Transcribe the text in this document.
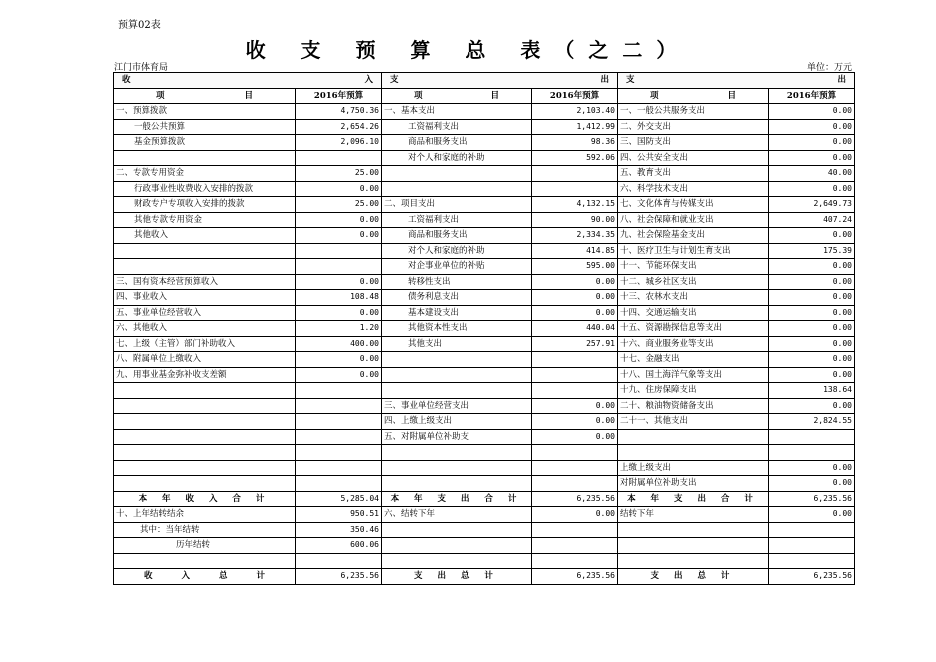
预算02表
收 支 预 算 总 表（之二）
江门市体育局	单位：万元
收 入		支 出		支 出	

项 目	2016年预算	项 目	2016年预算	项 目	2016年预算
一、预算拨款	4,750.36	一、基本支出	2,103.40	一、一般公共服务支出	0.00
一般公共预算	2,654.26	工资福利支出	1,412.99	二、外交支出	0.00
基金预算拨款	2,096.10	商品和服务支出	98.36	三、国防支出	0.00
		对个人和家庭的补助	592.06	四、公共安全支出	0.00
二、专款专用资金	25.00			五、教育支出	40.00
行政事业性收费收入安排的拨款	0.00			六、科学技术支出	0.00
财政专户专项收入安排的拨款	25.00	二、项目支出	4,132.15	七、文化体育与传媒支出	2,649.73
其他专款专用资金	0.00	工资福利支出	90.00	八、社会保障和就业支出	407.24
其他收入	0.00	商品和服务支出	2,334.35	九、社会保险基金支出	0.00
		对个人和家庭的补助	414.85	十、医疗卫生与计划生育支出	175.39
		对企事业单位的补贴	595.00	十一、节能环保支出	0.00
三、国有资本经营预算收入	0.00	转移性支出	0.00	十二、城乡社区支出	0.00
四、事业收入	108.48	债务利息支出	0.00	十三、农林水支出	0.00
五、事业单位经营收入	0.00	基本建设支出	0.00	十四、交通运输支出	0.00
六、其他收入	1.20	其他资本性支出	440.04	十五、资源勘探信息等支出	0.00
七、上级（主管）部门补助收入	400.00	其他支出	257.91	十六、商业服务业等支出	0.00
八、附属单位上缴收入	0.00			十七、金融支出	0.00
九、用事业基金弥补收支差额	0.00			十八、国土海洋气象等支出	0.00
				十九、住房保障支出	138.64
		三、事业单位经营支出	0.00	二十、粮油物资储备支出	0.00
		四、上缴上级支出	0.00	二十一、其他支出	2,824.55
		五、对附属单位补助支	0.00		

				上缴上级支出	0.00
				对附属单位补助支出	0.00
本 年 收 入 合 计	5,285.04	本 年 支 出 合 计	6,235.56	本 年 支 出 合 计	6,235.56
十、上年结转结余	950.51	六、结转下年	0.00	结转下年	0.00
其中：当年结转	350.46				
历年结转	600.06				

收 入 总 计	6,235.56	支 出 总 计	6,235.56	支 出 总 计	6,235.56
